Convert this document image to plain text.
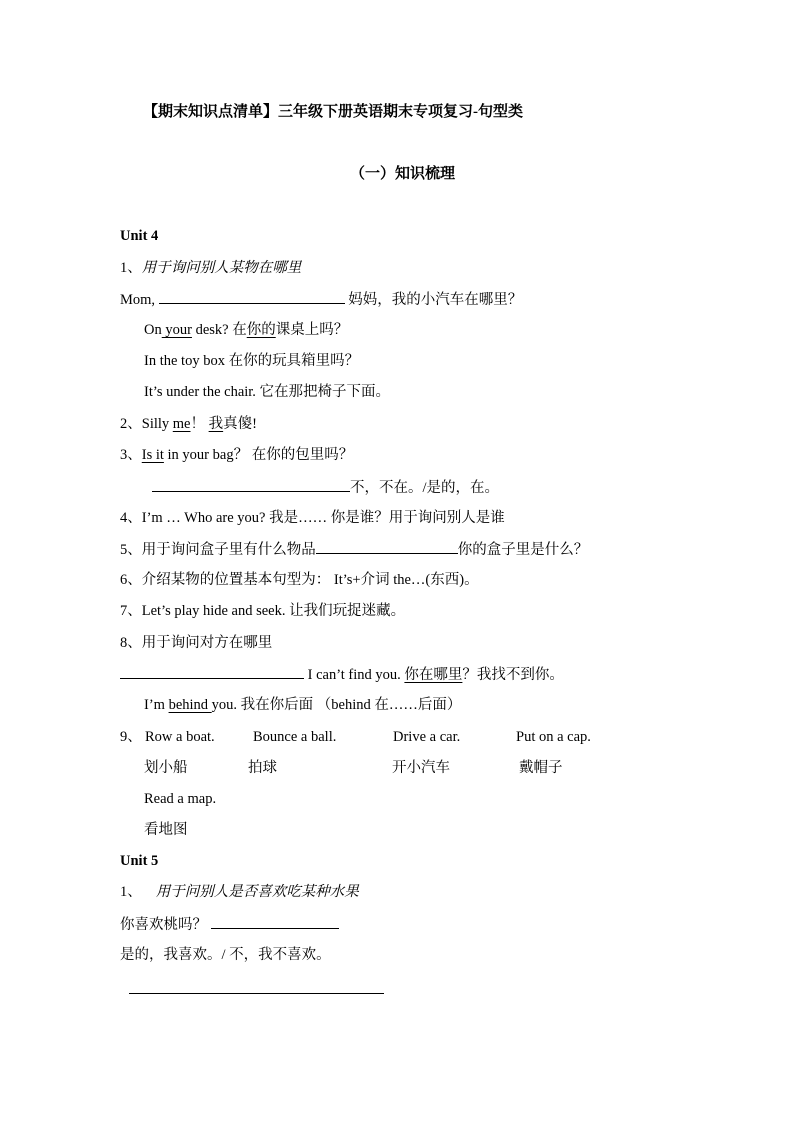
【期末知识点清单】三年级下册英语期末专项复习-句型类
（一）知识梳理
Unit 4
1、用于询问别人某物在哪里
Mom,	妈妈，我的小汽车在哪里？
On your desk? 在你的课桌上吗？
In the toy box 在你的玩具箱里吗？
It’s under the chair. 它在那把椅子下面。
2、Silly me！ 我真傻!
3、Is it in your bag？ 在你的包里吗？
不，不在。/是的，在。
4、I’m … Who are you? 我是…… 你是谁？用于询问别人是谁
5、用于询问盒子里有什么物品	你的盒子里是什么？
6、介绍某物的位置基本句型为： It’s+介词 the…(东西)。
7、Let’s play hide and seek. 让我们玩捉迷藏。
8、用于询问对方在哪里
I can’t find you. 你在哪里？我找不到你。
I’m behind you. 我在你后面 （behind 在……后面）
9、 Row a boat.	Bounce a ball.	Drive a car.	Put on a cap.
划小船	拍球	开小汽车	戴帽子
Read a map.
看地图
Unit 5
1、 用于问别人是否喜欢吃某种水果
你喜欢桃吗？
是的，我喜欢。/ 不，我不喜欢。
